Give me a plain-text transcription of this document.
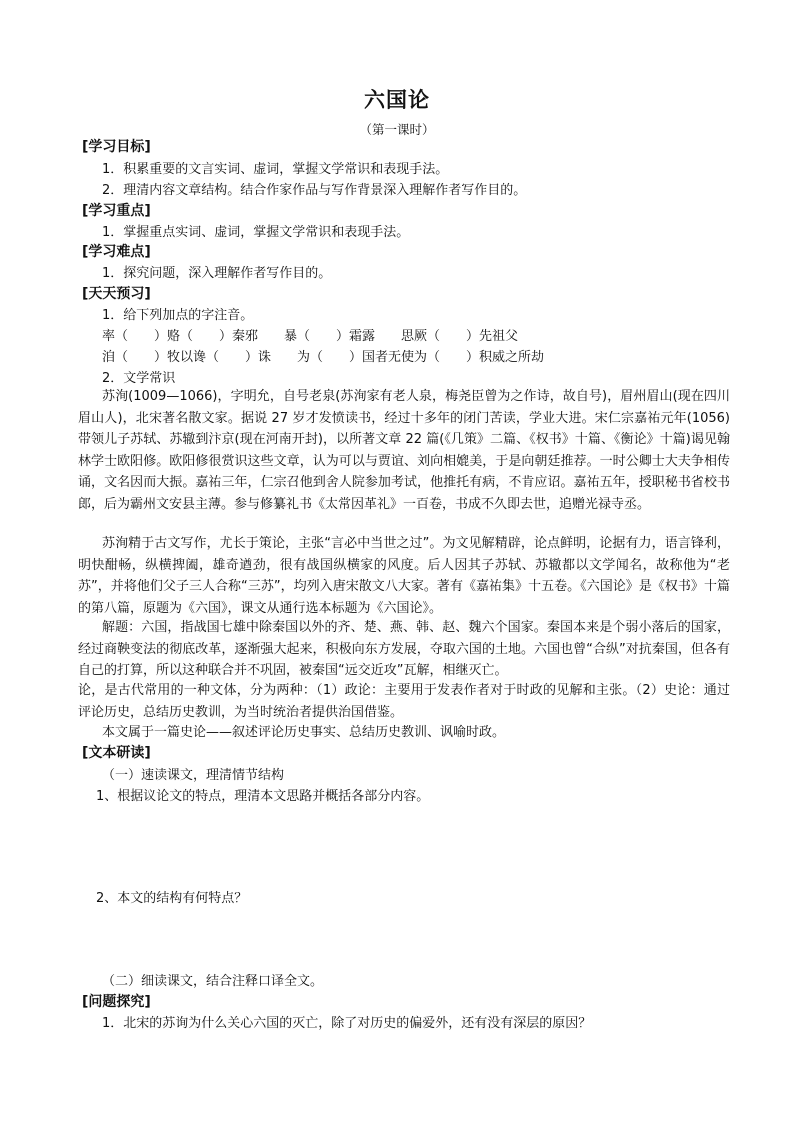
六国论
（第一课时）
[学习目标]
1．积累重要的文言实词、虚词，掌握文学常识和表现手法。
2．理清内容文章结构。结合作家作品与写作背景深入理解作者写作目的。
[学习重点]
1．掌握重点实词、虚词，掌握文学常识和表现手法。
[学习难点]
1．探究问题，深入理解作者写作目的。
[天天预习]
1．给下列加点的字注音。
率（　　）赂（　　）秦邪　　暴（　　）霜露　　思厥（　　）先祖父
洎（　　）牧以谗（　　）诛　　为（　　）国者无使为（　　）积威之所劫
2．文学常识
苏洵(1009—1066)，字明允，自号老泉(苏洵家有老人泉，梅尧臣曾为之作诗，故自号)，眉州眉山(现在四川眉山人)，北宋著名散文家。据说 27 岁才发愤读书，经过十多年的闭门苦读，学业大进。宋仁宗嘉祐元年(1056)带领儿子苏轼、苏辙到汴京(现在河南开封)，以所著文章 22 篇(《几策》二篇、《权书》十篇、《衡论》十篇)谒见翰林学士欧阳修。欧阳修很赏识这些文章，认为可以与贾谊、刘向相媲美，于是向朝廷推荐。一时公卿士大夫争相传诵，文名因而大振。嘉祐三年，仁宗召他到舍人院参加考试，他推托有病，不肯应诏。嘉祐五年，授职秘书省校书郎，后为霸州文安县主薄。参与修纂礼书《太常因革礼》一百卷，书成不久即去世，追赠光禄寺丞。
苏洵精于古文写作，尤长于策论，主张“言必中当世之过”。为文见解精辟，论点鲜明，论据有力，语言锋利，明快酣畅，纵横捭阖，雄奇遒劲，很有战国纵横家的风度。后人因其子苏轼、苏辙都以文学闻名，故称他为“老苏”，并将他们父子三人合称“三苏”，均列入唐宋散文八大家。著有《嘉祐集》十五卷。《六国论》是《权书》十篇的第八篇，原题为《六国》，课文从通行选本标题为《六国论》。
解题：六国，指战国七雄中除秦国以外的齐、楚、燕、韩、赵、魏六个国家。秦国本来是个弱小落后的国家，经过商鞅变法的彻底改革，逐渐强大起来，积极向东方发展，夺取六国的土地。六国也曾“合纵”对抗秦国，但各有自己的打算，所以这种联合并不巩固，被秦国“远交近攻”瓦解，相继灭亡。
论，是古代常用的一种文体，分为两种：（1）政论：主要用于发表作者对于时政的见解和主张。（2）史论：通过评论历史，总结历史教训，为当时统治者提供治国借鉴。
本文属于一篇史论——叙述评论历史事实、总结历史教训、讽喻时政。
[文本研读]
（一）速读课文，理清情节结构
1、根据议论文的特点，理清本文思路并概括各部分内容。
2、本文的结构有何特点？
（二）细读课文，结合注释口译全文。
[问题探究]
1．北宋的苏询为什么关心六国的灭亡，除了对历史的偏爱外，还有没有深层的原因？
